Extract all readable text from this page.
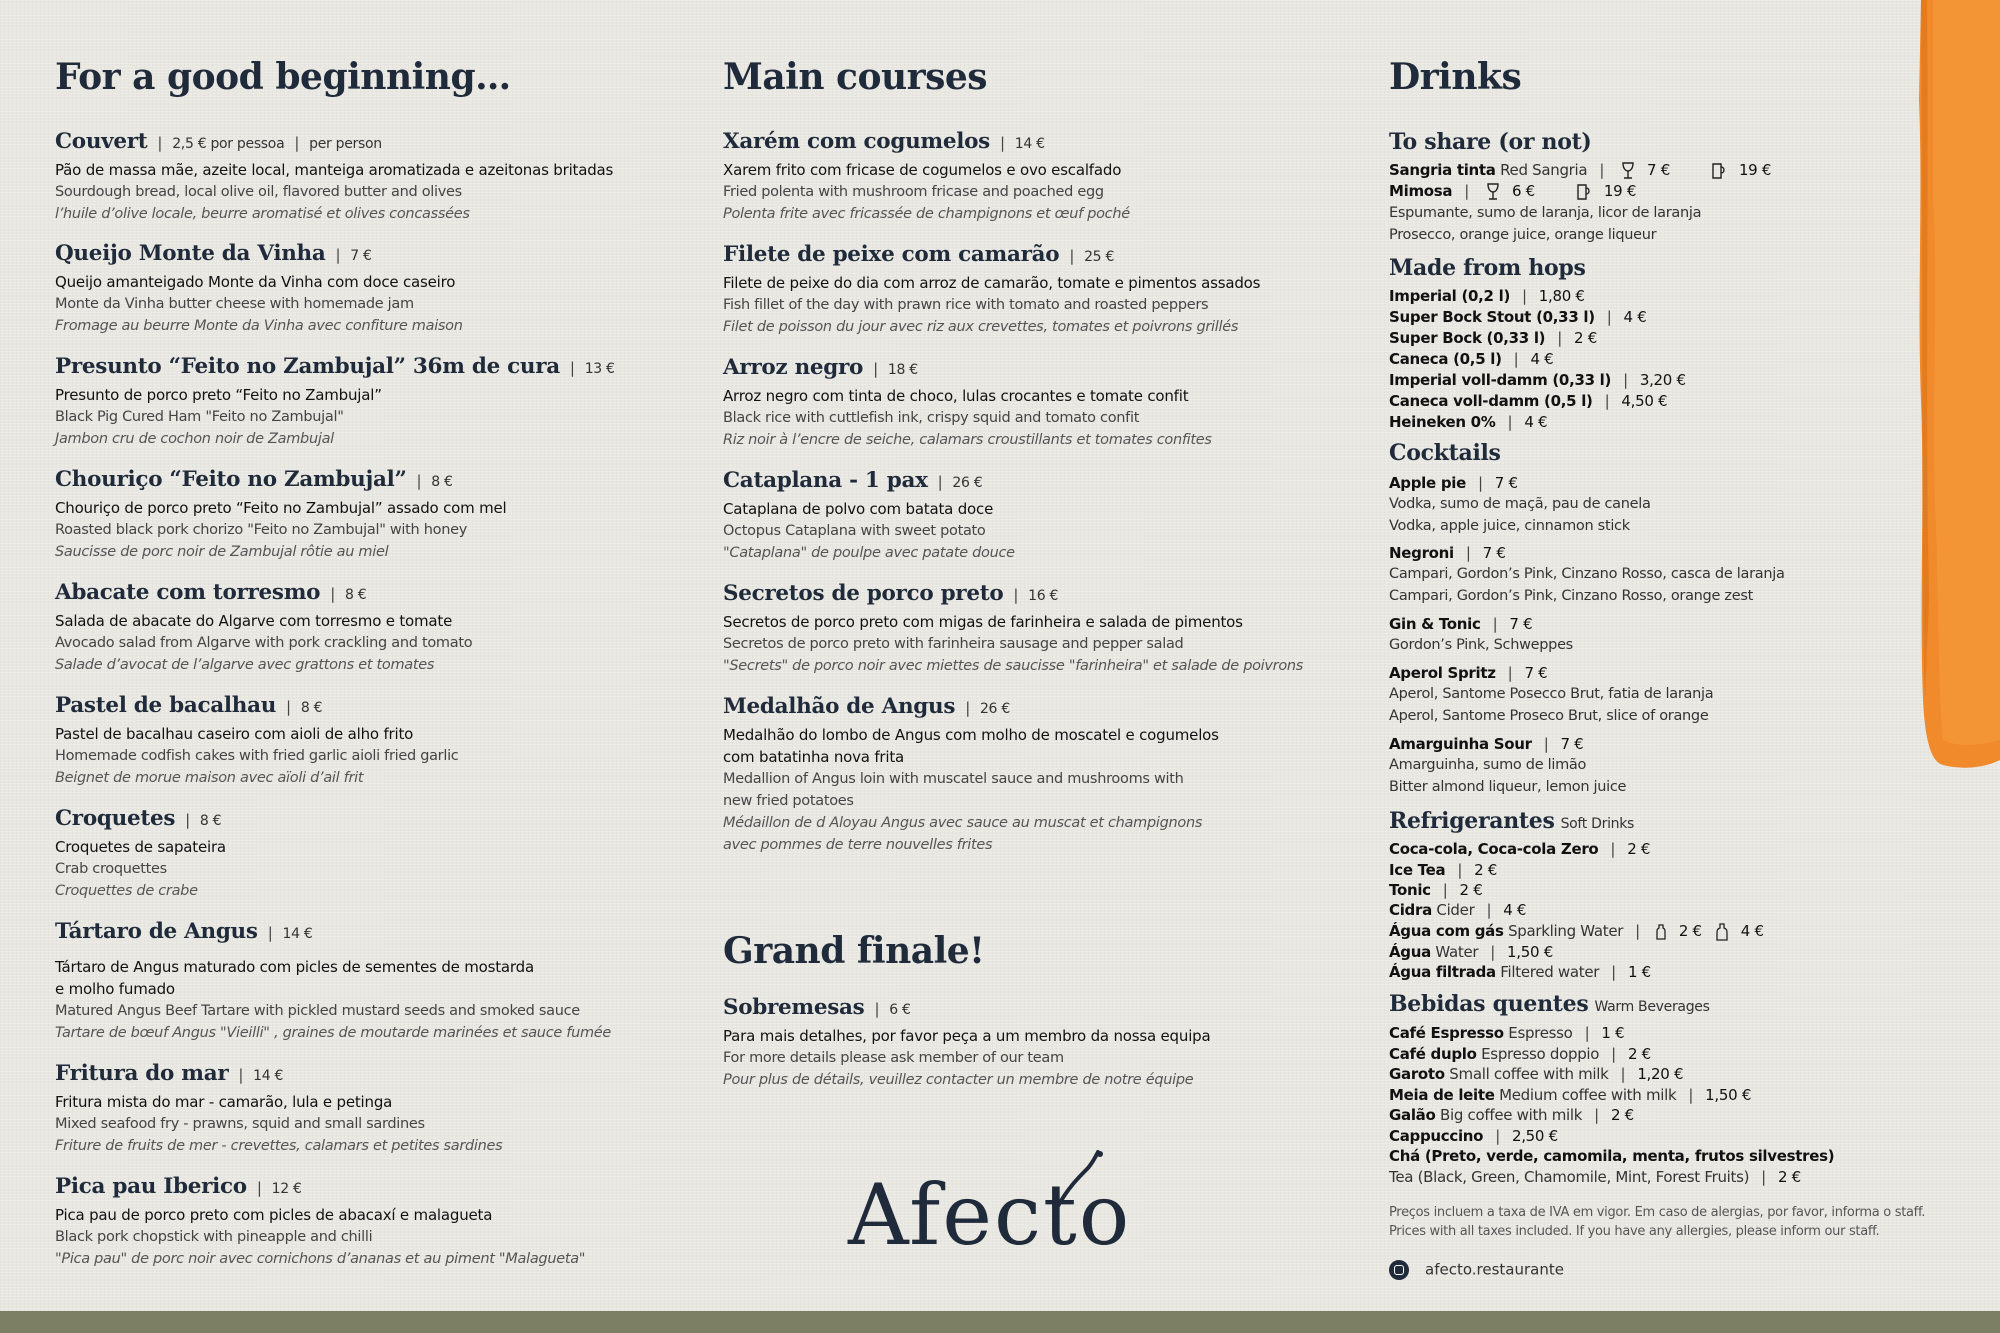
For a good beginning…
Couvert | 2,5 € por pessoa | per person
Pão de massa mãe, azeite local, manteiga aromatizada e azeitonas britadas
Sourdough bread, local olive oil, flavored butter and olives
l’huile d’olive locale, beurre aromatisé et olives concassées
Queijo Monte da Vinha | 7 €
Queijo amanteigado Monte da Vinha com doce caseiro
Monte da Vinha butter cheese with homemade jam
Fromage au beurre Monte da Vinha avec confiture maison
Presunto “Feito no Zambujal” 36m de cura | 13 €
Presunto de porco preto “Feito no Zambujal”
Black Pig Cured Ham "Feito no Zambujal"
Jambon cru de cochon noir de Zambujal
Chouriço “Feito no Zambujal” | 8 €
Chouriço de porco preto “Feito no Zambujal” assado com mel
Roasted black pork chorizo "Feito no Zambujal" with honey
Saucisse de porc noir de Zambujal rôtie au miel
Abacate com torresmo | 8 €
Salada de abacate do Algarve com torresmo e tomate
Avocado salad from Algarve with pork crackling and tomato
Salade d’avocat de l’algarve avec grattons et tomates
Pastel de bacalhau | 8 €
Pastel de bacalhau caseiro com aioli de alho frito
Homemade codfish cakes with fried garlic aioli fried garlic
Beignet de morue maison avec aïoli d’ail frit
Croquetes | 8 €
Croquetes de sapateira
Crab croquettes
Croquettes de crabe
Tártaro de Angus | 14 €
Tártaro de Angus maturado com picles de sementes de mostarda
e molho fumado
Matured Angus Beef Tartare with pickled mustard seeds and smoked sauce
Tartare de bœuf Angus "Vieilli" , graines de moutarde marinées et sauce fumée
Fritura do mar | 14 €
Fritura mista do mar - camarão, lula e petinga
Mixed seafood fry - prawns, squid and small sardines
Friture de fruits de mer - crevettes, calamars et petites sardines
Pica pau Iberico | 12 €
Pica pau de porco preto com picles de abacaxí e malagueta
Black pork chopstick with pineapple and chilli
"Pica pau" de porc noir avec cornichons d’ananas et au piment "Malagueta"
Main courses
Xarém com cogumelos | 14 €
Xarem frito com fricase de cogumelos e ovo escalfado
Fried polenta with mushroom fricase and poached egg
Polenta frite avec fricassée de champignons et œuf poché
Filete de peixe com camarão | 25 €
Filete de peixe do dia com arroz de camarão, tomate e pimentos assados
Fish fillet of the day with prawn rice with tomato and roasted peppers
Filet de poisson du jour avec riz aux crevettes, tomates et poivrons grillés
Arroz negro | 18 €
Arroz negro com tinta de choco, lulas crocantes e tomate confit
Black rice with cuttlefish ink, crispy squid and tomato confit
Riz noir à l’encre de seiche, calamars croustillants et tomates confites
Cataplana - 1 pax | 26 €
Cataplana de polvo com batata doce
Octopus Cataplana with sweet potato
"Cataplana" de poulpe avec patate douce
Secretos de porco preto | 16 €
Secretos de porco preto com migas de farinheira e salada de pimentos
Secretos de porco preto with farinheira sausage and pepper salad
"Secrets" de porco noir avec miettes de saucisse "farinheira" et salade de poivrons
Medalhão de Angus | 26 €
Medalhão do lombo de Angus com molho de moscatel e cogumelos
com batatinha nova frita
Medallion of Angus loin with muscatel sauce and mushrooms with
new fried potatoes
Médaillon de d Aloyau Angus avec sauce au muscat et champignons
avec pommes de terre nouvelles frites
Grand finale!
Sobremesas | 6 €
Para mais detalhes, por favor peça a um membro da nossa equipa
For more details please ask member of our team
Pour plus de détails, veuillez contacter un membre de notre équipe
Afecto
Drinks
To share (or not)
Sangria tinta Red Sangria |	7 €	19 €
Mimosa |	6 €	19 €
Espumante, sumo de laranja, licor de laranja
Prosecco, orange juice, orange liqueur
Made from hops
Imperial (0,2 l) | 1,80 €
Super Bock Stout (0,33 l) | 4 €
Super Bock (0,33 l) | 2 €
Caneca (0,5 l) | 4 €
Imperial voll-damm (0,33 l) | 3,20 €
Caneca voll-damm (0,5 l) | 4,50 €
Heineken 0% | 4 €
Cocktails
Apple pie | 7 €
Vodka, sumo de maçã, pau de canela
Vodka, apple juice, cinnamon stick
Negroni | 7 €
Campari, Gordon’s Pink, Cinzano Rosso, casca de laranja
Campari, Gordon’s Pink, Cinzano Rosso, orange zest
Gin & Tonic | 7 €
Gordon’s Pink, Schweppes
Aperol Spritz | 7 €
Aperol, Santome Posecco Brut, fatia de laranja
Aperol, Santome Proseco Brut, slice of orange
Amarguinha Sour | 7 €
Amarguinha, sumo de limão
Bitter almond liqueur, lemon juice
Refrigerantes Soft Drinks
Coca-cola, Coca-cola Zero | 2 €
Ice Tea | 2 €
Tonic | 2 €
Cidra Cider | 4 €
Água com gás Sparkling Water |	2 €	4 €
Água Water | 1,50 €
Água filtrada Filtered water | 1 €
Bebidas quentes Warm Beverages
Café Espresso Espresso | 1 €
Café duplo Espresso doppio | 2 €
Garoto Small coffee with milk | 1,20 €
Meia de leite Medium coffee with milk | 1,50 €
Galão Big coffee with milk | 2 €
Cappuccino | 2,50 €
Chá (Preto, verde, camomila, menta, frutos silvestres)
Tea (Black, Green, Chamomile, Mint, Forest Fruits) | 2 €
Preços incluem a taxa de IVA em vigor. Em caso de alergias, por favor, informa o staff.
Prices with all taxes included. If you have any allergies, please inform our staff.
afecto.restaurante
